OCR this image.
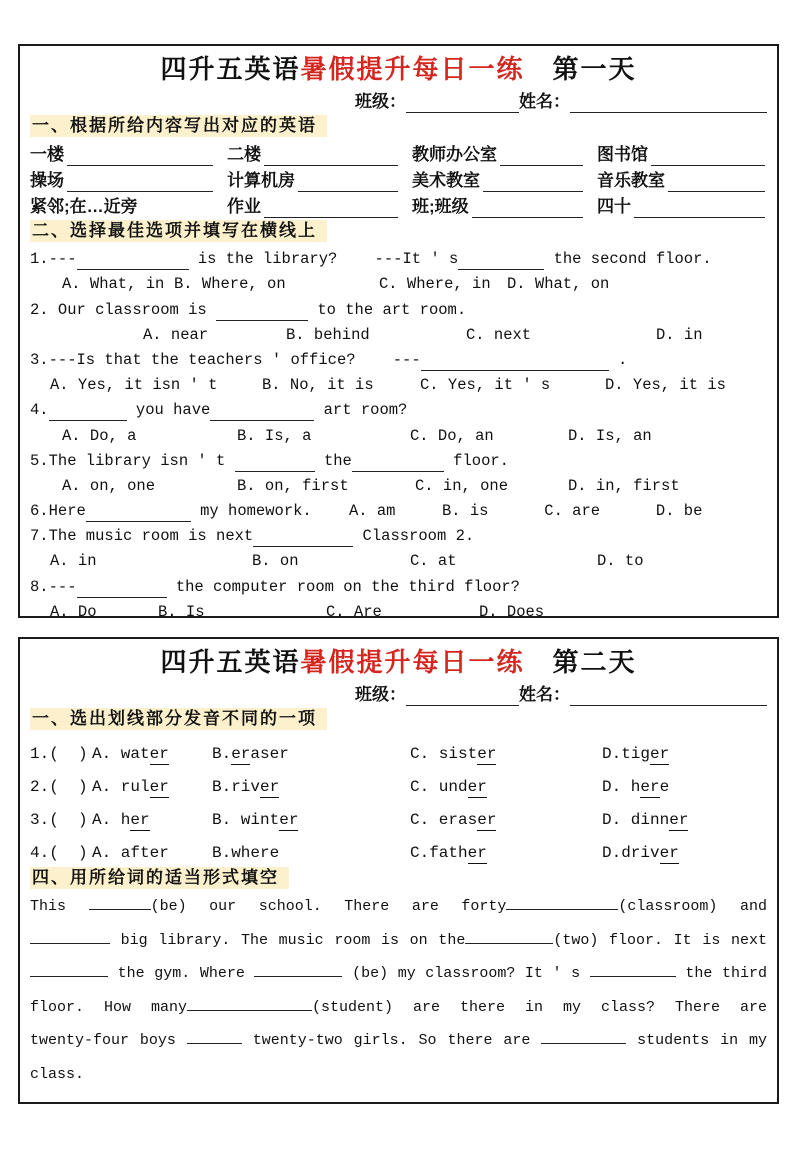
四升五英语暑假提升每日一练 第一天
班级：	姓名：
一、根据所给内容写出对应的英语
一楼	二楼	教师办公室	图书馆
操场	计算机房	美术教室	音乐教室
紧邻;在…近旁	作业	班;班级	四十
二、选择最佳选项并填写在横线上
1.---	is the library?    ---It ' s	the second floor.
A. What, in B. Where, on	C. Where, in	D. What, on
2. Our classroom is	to the art room.
A. near	B. behind	C. next	D. in
3.---Is that the teachers ' office?    ---	.
A. Yes, it isn ' t	B. No, it is	C. Yes, it ' s	D. Yes, it is
4.	you have	art room?
A. Do, a	B. Is, a	C. Do, an	D. Is, an
5.The library isn ' t	the	floor.
A. on, one	B. on, first	C. in, one	D. in, first
6.Here	my homework.    A. am     B. is      C. are      D. be
7.The music room is next	Classroom 2.
A. in	B. on	C. at	D. to
8.---	the computer room on the third floor?
A. Do	B. Is	C. Are	D. Does
四升五英语暑假提升每日一练 第二天
班级：	姓名：
一、选出划线部分发音不同的一项
1.(  ) A. water	B.eraser	C. sister	D.tiger
2.(  ) A. ruler	B.river	C. under	D. here
3.(  ) A. her	B. winter	C. eraser	D. dinner
4.(  ) A. after	B.where	C.father	D.driver
四、用所给词的适当形式填空
This	(be) our school. There are forty	(classroom) and
big library. The music room is on the	(two) floor. It is next
the gym. Where	(be) my classroom? It ' s	the third
floor. How many	(student) are there in my class? There are
twenty-four boys	twenty-two girls. So there are	students in my
class.
